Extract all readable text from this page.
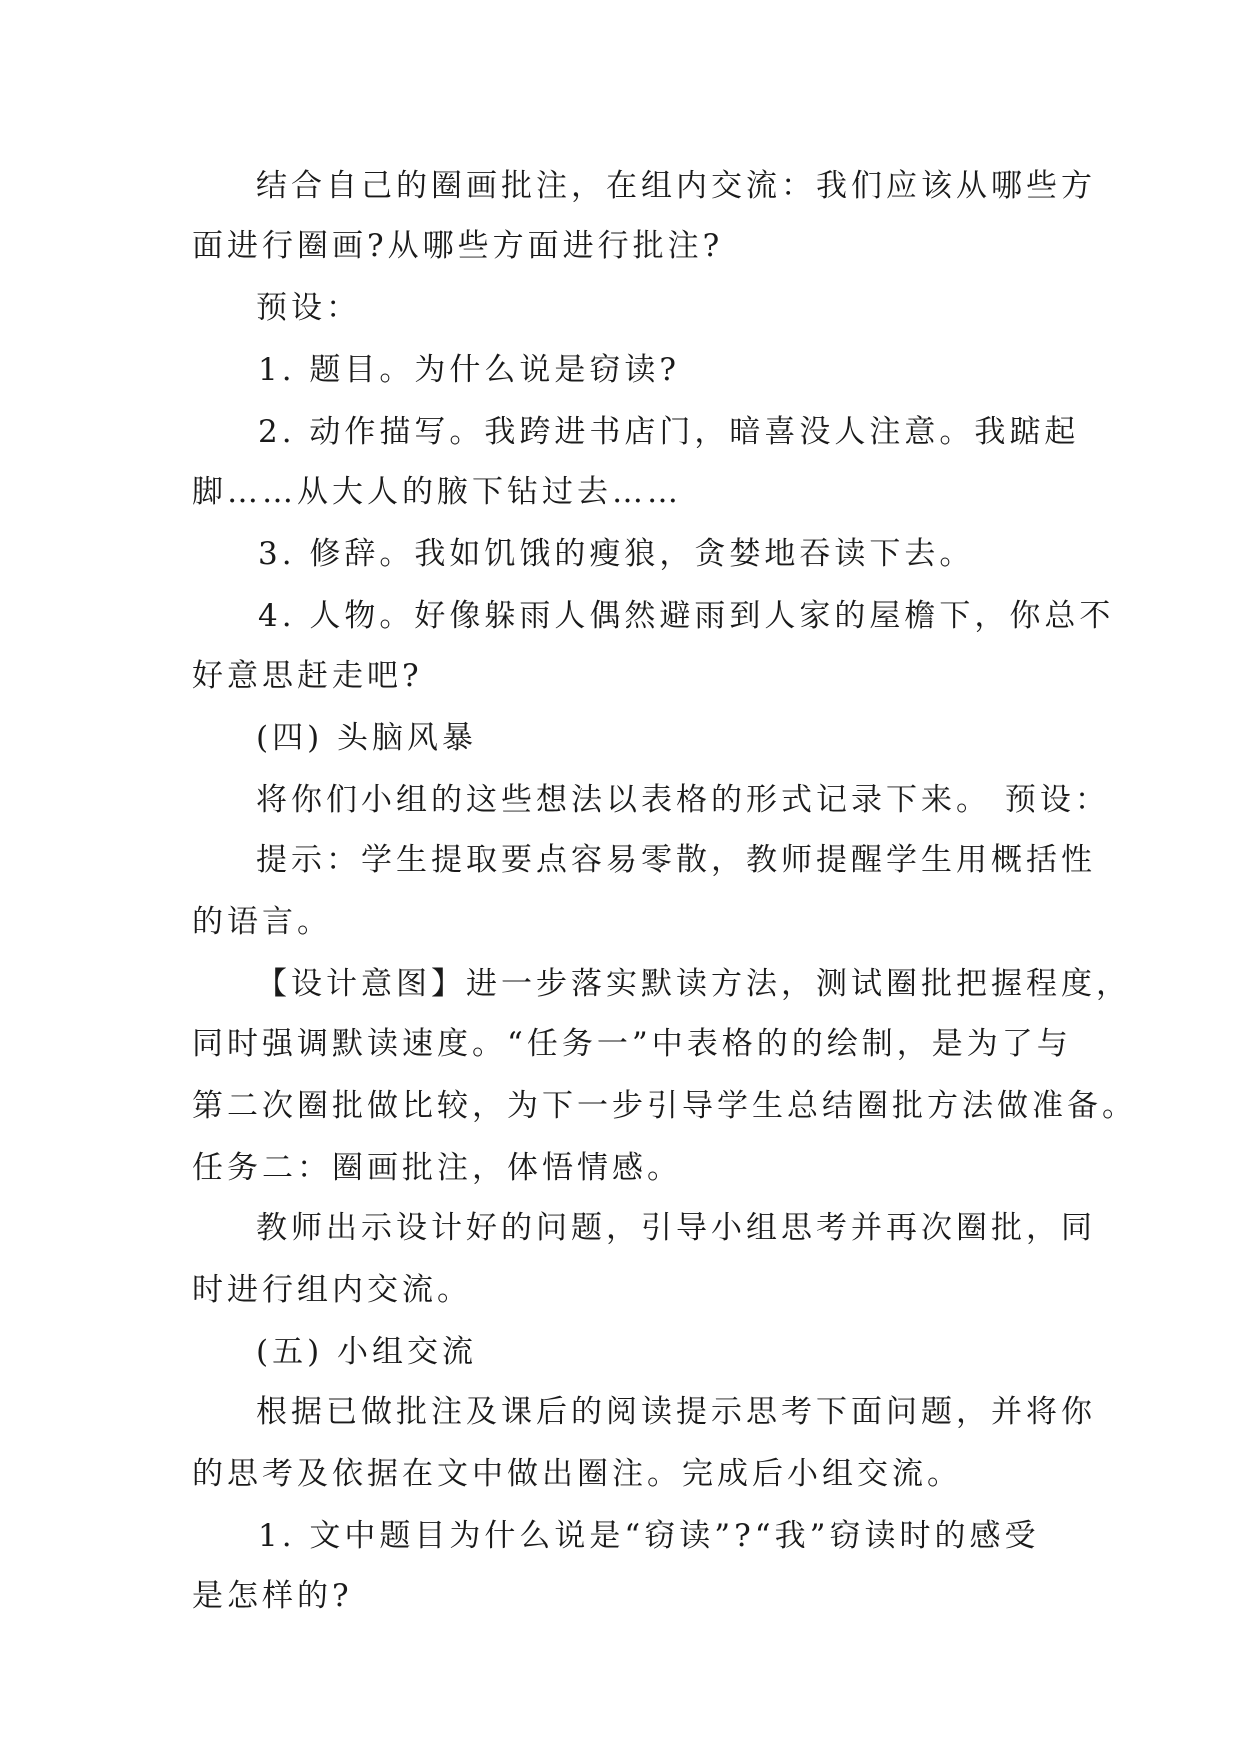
结合自己的圈画批注，在组内交流：我们应该从哪些方
面进行圈画?从哪些方面进行批注?
预设：
1. 题目。为什么说是窃读?
2. 动作描写。我跨进书店门，暗喜没人注意。我踮起
脚……从大人的腋下钻过去……
3. 修辞。我如饥饿的瘦狼，贪婪地吞读下去。
4. 人物。好像躲雨人偶然避雨到人家的屋檐下，你总不
好意思赶走吧?
(四) 头脑风暴
将你们小组的这些想法以表格的形式记录下来。 预设：
提示：学生提取要点容易零散，教师提醒学生用概括性
的语言。
【设计意图】进一步落实默读方法，测试圈批把握程度，
同时强调默读速度。“任务一”中表格的的绘制，是为了与
第二次圈批做比较，为下一步引导学生总结圈批方法做准备。
任务二：圈画批注，体悟情感。
教师出示设计好的问题，引导小组思考并再次圈批，同
时进行组内交流。
(五) 小组交流
根据已做批注及课后的阅读提示思考下面问题，并将你
的思考及依据在文中做出圈注。完成后小组交流。
1. 文中题目为什么说是“窃读”?“我”窃读时的感受
是怎样的?
